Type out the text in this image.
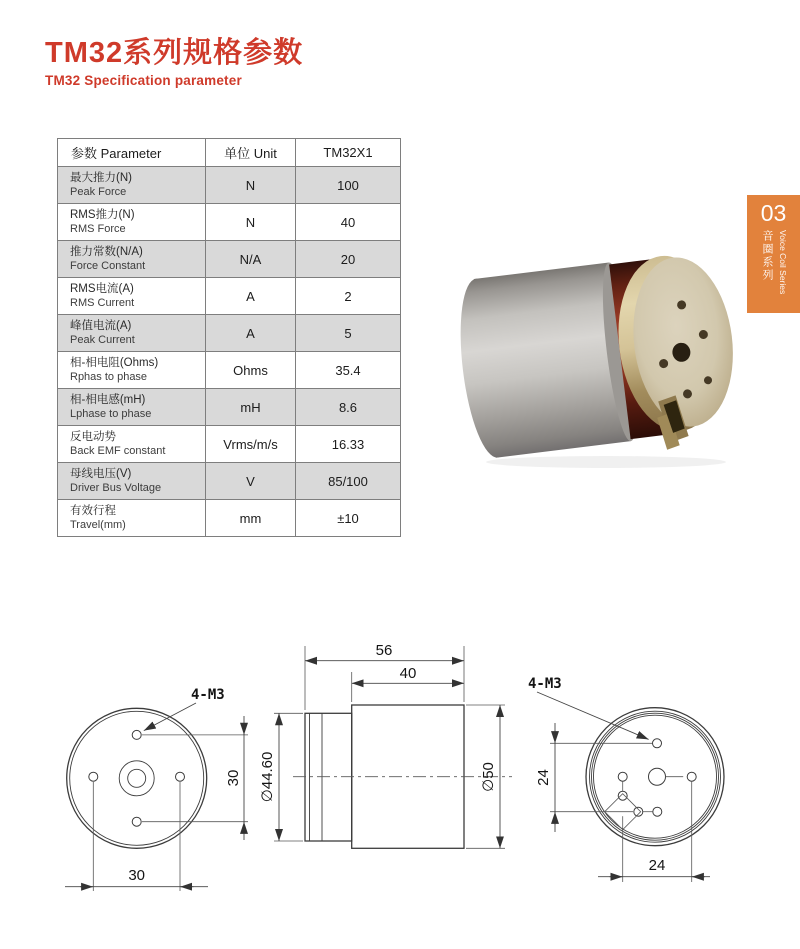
TM32系列规格参数
TM32 Specification parameter
参数 Parameter	单位 Unit	TM32X1

最大推力(N)
Peak Force	N	100

RMS推力(N)
RMS Force	N	40

推力常数(N/A)
Force Constant	N/A	20

RMS电流(A)
RMS Current	A	2

峰值电流(A)
Peak Current	A	5

相-相电阻(Ohms)
Rphas to phase	Ohms	35.4

相-相电感(mH)
Lphase to phase	mH	8.6

反电动势
Back EMF constant	Vrms/m/s	16.33

母线电压(V)
Driver Bus Voltage	V	85/100

有效行程
Travel(mm)	mm	±10
03
音圈系列 Voice Coil Series
30
30
4-M3
56
40
∅44.60	∅50	24
24
4-M3
